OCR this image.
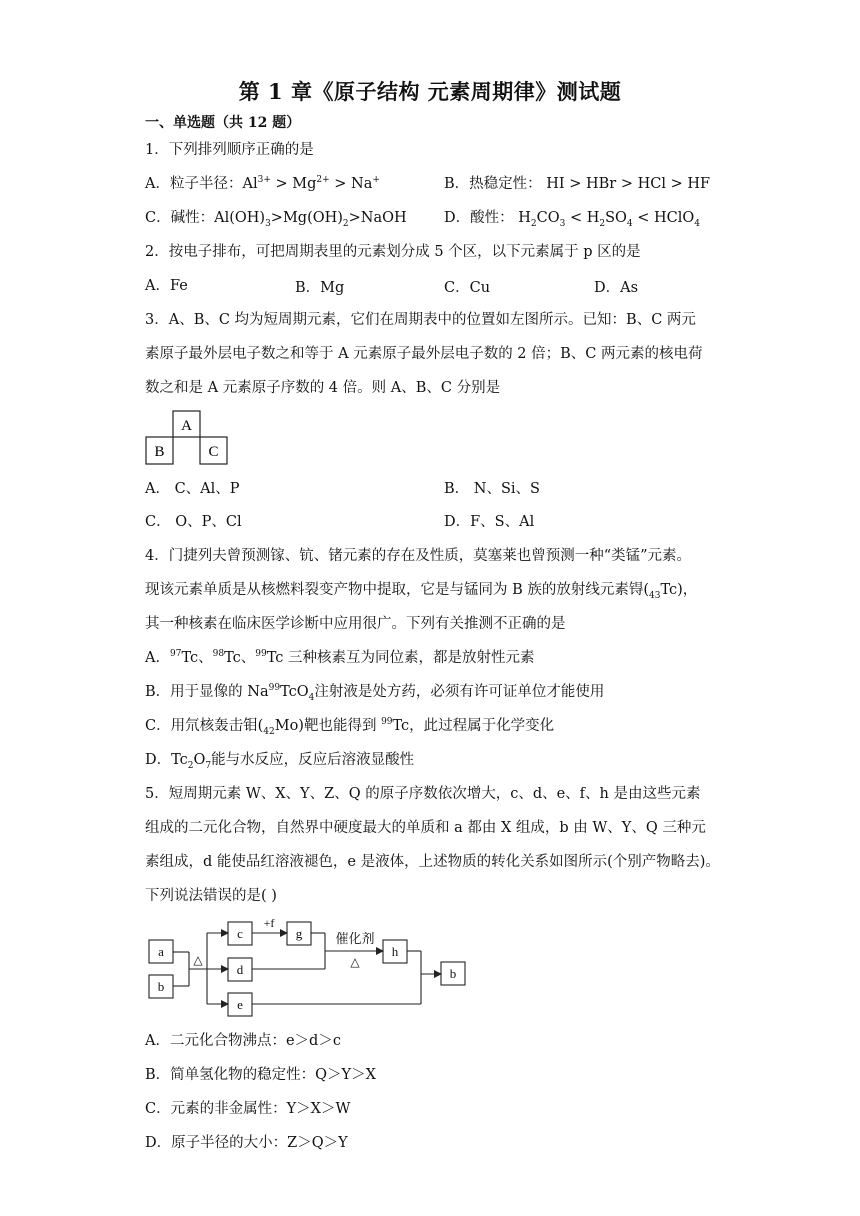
第 1 章《原子结构 元素周期律》测试题
一、单选题（共 12 题）
1．下列排列顺序正确的是
A．粒子半径：$Al^{3+} > Mg^{2+} > Na^+$	B．热稳定性： HI > HBr > HCl > HF
C．碱性：$Al(OH)_3>Mg(OH)_2>NaOH$	D．酸性： $H_2CO_3 < H_2SO_4$ < HClO$_4$
2．按电子排布，可把周期表里的元素划分成 5 个区，以下元素属于 p 区的是
A．Fe	B．Mg	C．Cu	D．As
3．A、B、C 均为短周期元素，它们在周期表中的位置如左图所示。已知：B、C 两元
素原子最外层电子数之和等于 A 元素原子最外层电子数的 2 倍；B、C 两元素的核电荷
数之和是 A 元素原子序数的 4 倍。则 A、B、C 分别是
A
B	C
A． C、Al、P	B． N、Si、S
C． O、P、Cl	D．F、S、Al
4．门捷列夫曾预测镓、钪、锗元素的存在及性质，莫塞莱也曾预测一种“类锰”元素。
现该元素单质是从核燃料裂变产物中提取，它是与锰同为 B 族的放射线元素锝$(_{43}Tc)$，
其一种核素在临床医学诊断中应用很广。下列有关推测不正确的是
A．$^{97}$Tc、$^{98}$Tc、$^{99}$Tc 三种核素互为同位素，都是放射性元素
B．用于显像的 $Na^{99}TcO_4$注射液是处方药，必须有许可证单位才能使用
C．用氘核轰击钼$(_{42}Mo)$靶也能得到 $^{99}$Tc，此过程属于化学变化
D．$Tc_2O_7$能与水反应，反应后溶液显酸性
5．短周期元素 W、X、Y、Z、Q 的原子序数依次增大，c、d、e、f、h 是由这些元素
组成的二元化合物，自然界中硬度最大的单质和 a 都由 X 组成，b 由 W、Y、Q 三种元
素组成，d 能使品红溶液褪色，e 是液体，上述物质的转化关系如图所示(个别产物略去)。
下列说法错误的是( )
a
b
c
d
e
g
h
b
+f
催化剂
△
△
A．二元化合物沸点：e＞d＞c
B．简单氢化物的稳定性：Q＞Y＞X
C．元素的非金属性：Y＞X＞W
D．原子半径的大小：Z＞Q＞Y
